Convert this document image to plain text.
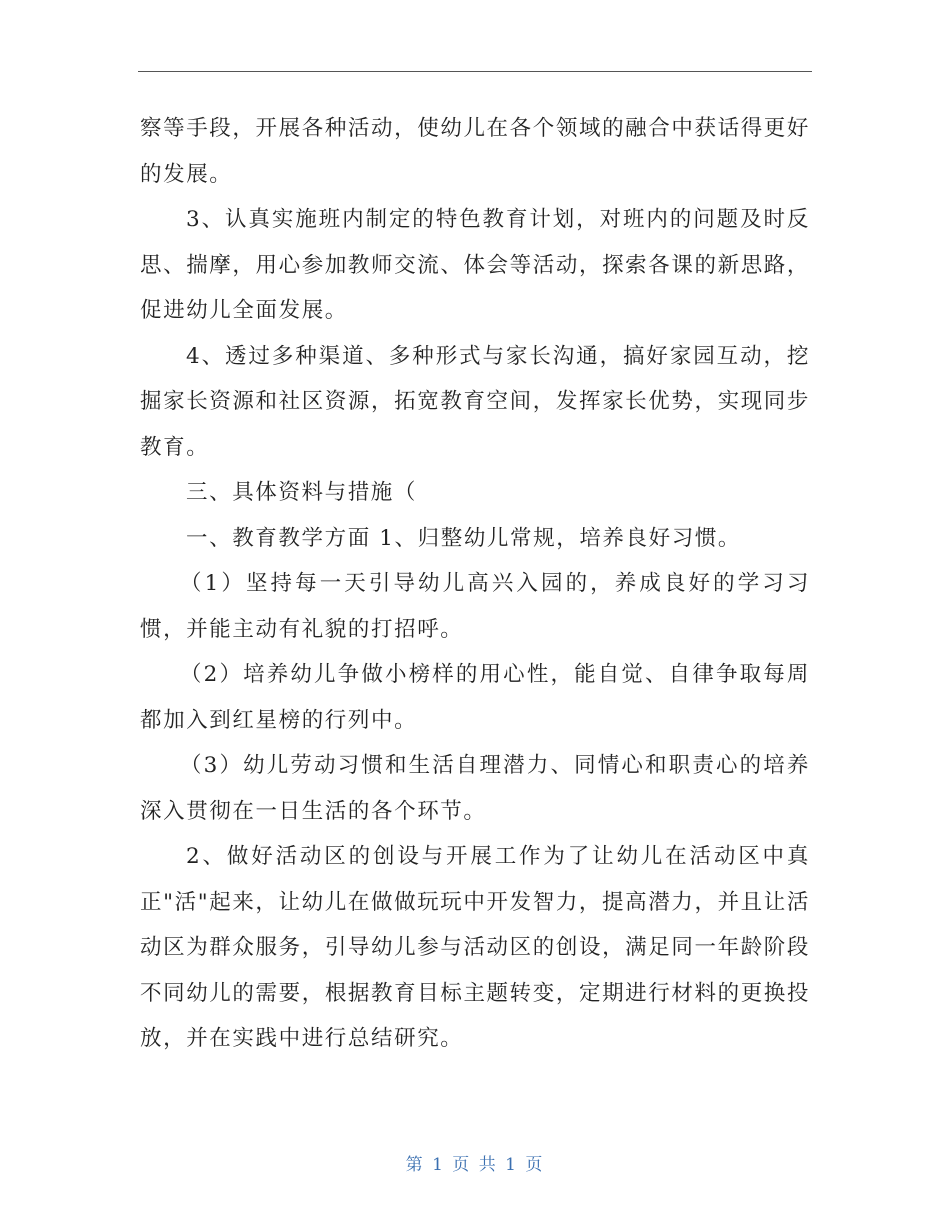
察等手段，开展各种活动，使幼儿在各个领域的融合中获话得更好的发展。

3、认真实施班内制定的特色教育计划，对班内的问题及时反思、揣摩，用心参加教师交流、体会等活动，探索各课的新思路，促进幼儿全面发展。

4、透过多种渠道、多种形式与家长沟通，搞好家园互动，挖掘家长资源和社区资源，拓宽教育空间，发挥家长优势，实现同步教育。

三、具体资料与措施（

一、教育教学方面 1、归整幼儿常规，培养良好习惯。

（1）坚持每一天引导幼儿高兴入园的，养成良好的学习习惯，并能主动有礼貌的打招呼。

（2）培养幼儿争做小榜样的用心性，能自觉、自律争取每周都加入到红星榜的行列中。

（3）幼儿劳动习惯和生活自理潜力、同情心和职责心的培养深入贯彻在一日生活的各个环节。

2、做好活动区的创设与开展工作为了让幼儿在活动区中真正"活"起来，让幼儿在做做玩玩中开发智力，提高潜力，并且让活动区为群众服务，引导幼儿参与活动区的创设，满足同一年龄阶段不同幼儿的需要，根据教育目标主题转变，定期进行材料的更换投放，并在实践中进行总结研究。

第 1 页 共 1 页
